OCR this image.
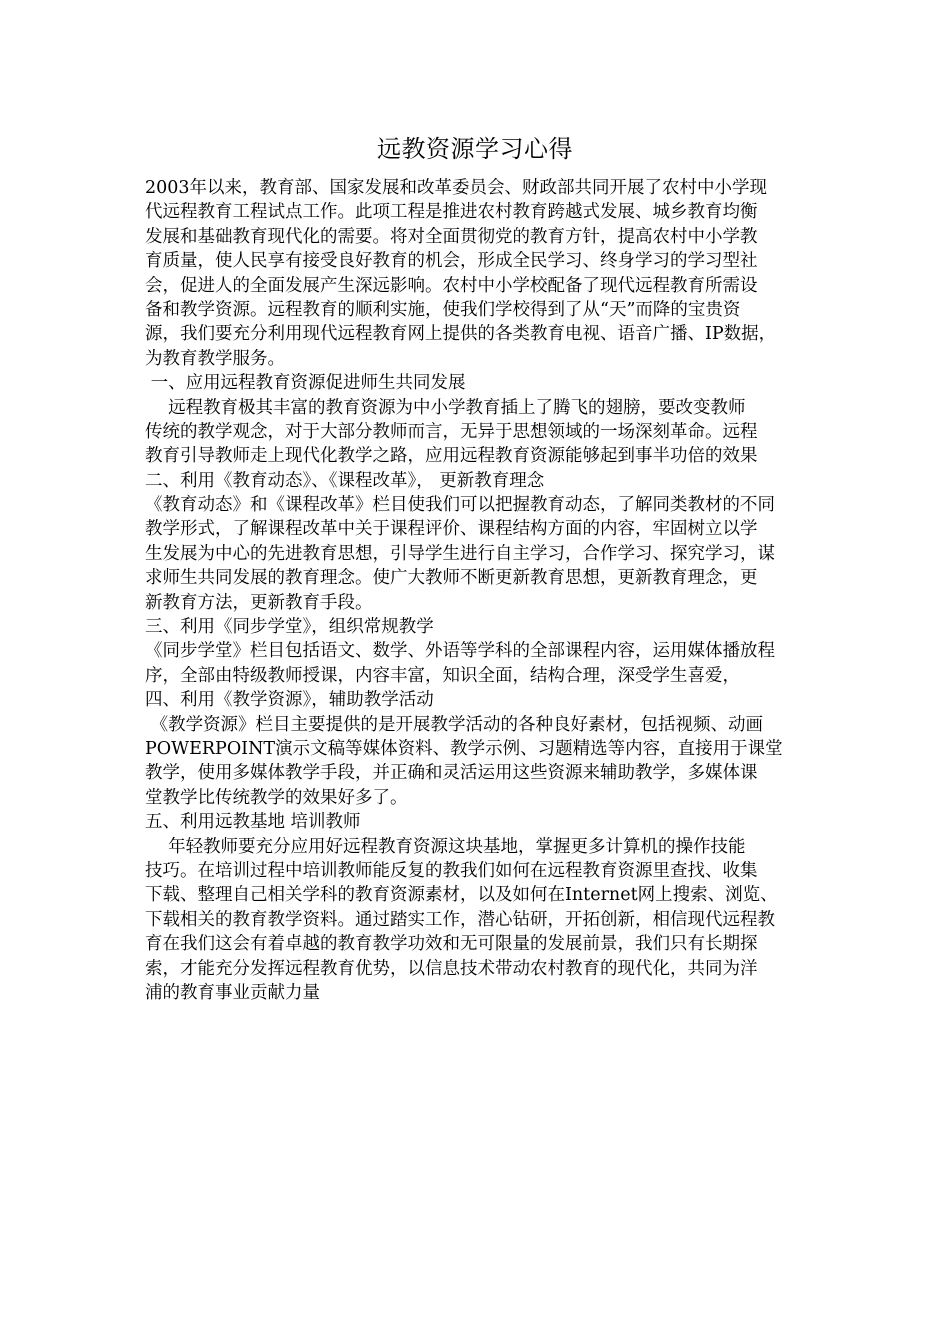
远教资源学习心得
2003年以来，教育部、国家发展和改革委员会、财政部共同开展了农村中小学现
代远程教育工程试点工作。此项工程是推进农村教育跨越式发展、城乡教育均衡
发展和基础教育现代化的需要。将对全面贯彻党的教育方针，提高农村中小学教
育质量，使人民享有接受良好教育的机会，形成全民学习、终身学习的学习型社
会，促进人的全面发展产生深远影响。农村中小学校配备了现代远程教育所需设
备和教学资源。远程教育的顺利实施，使我们学校得到了从“天”而降的宝贵资
源，我们要充分利用现代远程教育网上提供的各类教育电视、语音广播、IP数据，
为教育教学服务。
一、应用远程教育资源促进师生共同发展
　 远程教育极其丰富的教育资源为中小学教育插上了腾飞的翅膀，要改变教师
传统的教学观念，对于大部分教师而言，无异于思想领域的一场深刻革命。远程
教育引导教师走上现代化教学之路，应用远程教育资源能够起到事半功倍的效果
二、利用《教育动态》、《课程改革》， 更新教育理念
《教育动态》和《课程改革》栏目使我们可以把握教育动态，了解同类教材的不同
教学形式，了解课程改革中关于课程评价、课程结构方面的内容，牢固树立以学
生发展为中心的先进教育思想，引导学生进行自主学习，合作学习、探究学习，谋
求师生共同发展的教育理念。使广大教师不断更新教育思想，更新教育理念，更
新教育方法，更新教育手段。
三、利用《同步学堂》，组织常规教学
《同步学堂》栏目包括语文、数学、外语等学科的全部课程内容，运用媒体播放程
序，全部由特级教师授课，内容丰富，知识全面，结构合理，深受学生喜爱，
四、利用《教学资源》，辅助教学活动
《教学资源》栏目主要提供的是开展教学活动的各种良好素材，包括视频、动画
POWERPOINT演示文稿等媒体资料、教学示例、习题精选等内容，直接用于课堂
教学，使用多媒体教学手段，并正确和灵活运用这些资源来辅助教学，多媒体课
堂教学比传统教学的效果好多了。
五、利用远教基地 培训教师
　 年轻教师要充分应用好远程教育资源这块基地，掌握更多计算机的操作技能
技巧。在培训过程中培训教师能反复的教我们如何在远程教育资源里查找、收集
下载、整理自己相关学科的教育资源素材，以及如何在Internet网上搜索、浏览、
下载相关的教育教学资料。通过踏实工作，潜心钻研，开拓创新，相信现代远程教
育在我们这会有着卓越的教育教学功效和无可限量的发展前景，我们只有长期探
索，才能充分发挥远程教育优势，以信息技术带动农村教育的现代化，共同为洋
浦的教育事业贡献力量
